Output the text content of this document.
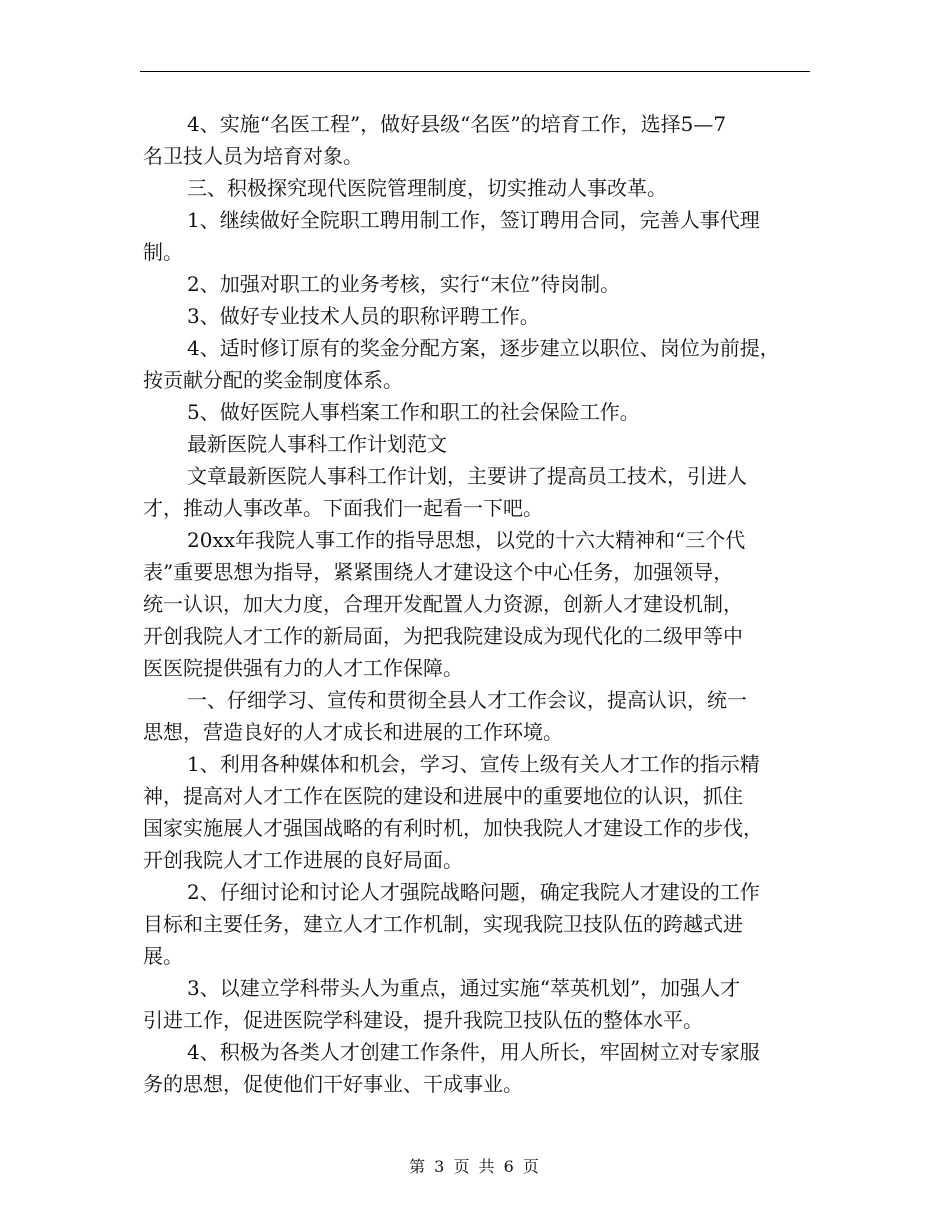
4、实施“名医工程”，做好县级“名医”的培育工作，选择5—7
名卫技人员为培育对象。

三、积极探究现代医院管理制度，切实推动人事改革。

1、继续做好全院职工聘用制工作，签订聘用合同，完善人事代理
制。

2、加强对职工的业务考核，实行“末位”待岗制。

3、做好专业技术人员的职称评聘工作。

4、适时修订原有的奖金分配方案，逐步建立以职位、岗位为前提，
按贡献分配的奖金制度体系。

5、做好医院人事档案工作和职工的社会保险工作。

最新医院人事科工作计划范文

文章最新医院人事科工作计划，主要讲了提高员工技术，引进人
才，推动人事改革。下面我们一起看一下吧。

20xx年我院人事工作的指导思想，以党的十六大精神和“三个代
表”重要思想为指导，紧紧围绕人才建设这个中心任务，加强领导，
统一认识，加大力度，合理开发配置人力资源，创新人才建设机制，
开创我院人才工作的新局面，为把我院建设成为现代化的二级甲等中
医医院提供强有力的人才工作保障。

一、仔细学习、宣传和贯彻全县人才工作会议，提高认识，统一
思想，营造良好的人才成长和进展的工作环境。

1、利用各种媒体和机会，学习、宣传上级有关人才工作的指示精
神，提高对人才工作在医院的建设和进展中的重要地位的认识，抓住
国家实施展人才强国战略的有利时机，加快我院人才建设工作的步伐，
开创我院人才工作进展的良好局面。

2、仔细讨论和讨论人才强院战略问题，确定我院人才建设的工作
目标和主要任务，建立人才工作机制，实现我院卫技队伍的跨越式进
展。

3、以建立学科带头人为重点，通过实施“萃英机划”，加强人才
引进工作，促进医院学科建设，提升我院卫技队伍的整体水平。

4、积极为各类人才创建工作条件，用人所长，牢固树立对专家服
务的思想，促使他们干好事业、干成事业。

第 3 页 共 6 页
